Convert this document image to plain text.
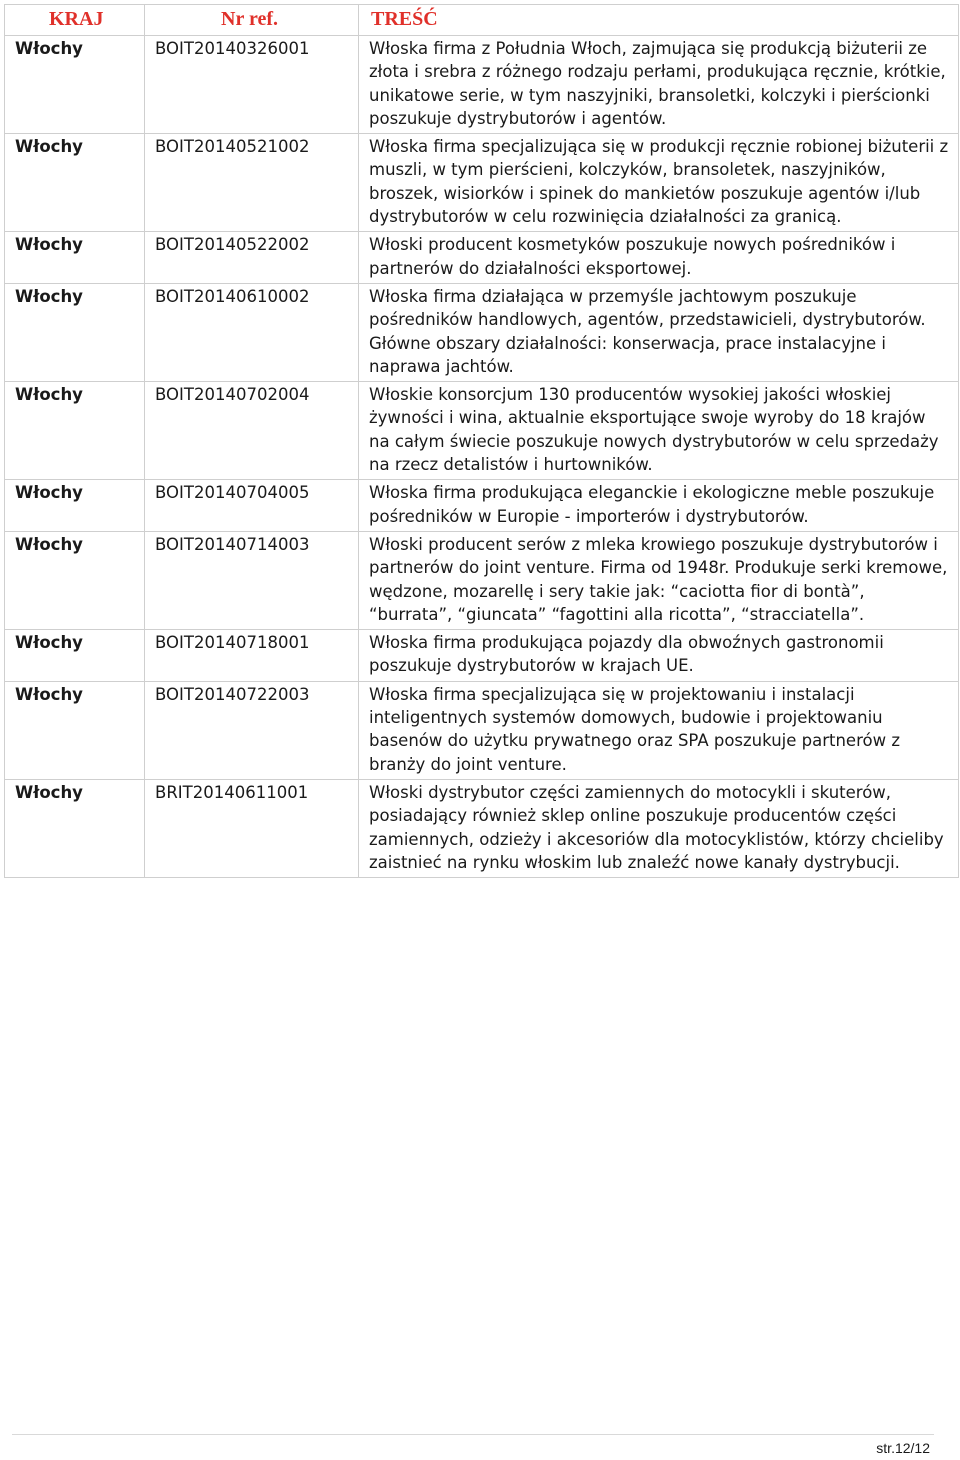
KRAJ	Nr ref.	TREŚĆ
Włochy	BOIT20140326001	Włoska firma z Południa Włoch, zajmująca się produkcją biżuterii ze złota i srebra z różnego rodzaju perłami, produkująca ręcznie, krótkie, unikatowe serie, w tym naszyjniki, bransoletki, kolczyki i pierścionki poszukuje dystrybutorów i agentów.
Włochy	BOIT20140521002	Włoska firma specjalizująca się w produkcji ręcznie robionej biżuterii z muszli, w tym pierścieni, kolczyków, bransoletek, naszyjników, broszek, wisiorków i spinek do mankietów poszukuje agentów i/lub dystrybutorów w celu rozwinięcia działalności za granicą.
Włochy	BOIT20140522002	Włoski producent kosmetyków poszukuje nowych pośredników i partnerów do działalności eksportowej.
Włochy	BOIT20140610002	Włoska firma działająca w przemyśle jachtowym poszukuje pośredników handlowych, agentów, przedstawicieli, dystrybutorów. Główne obszary działalności: konserwacja, prace instalacyjne i naprawa jachtów.
Włochy	BOIT20140702004	Włoskie konsorcjum 130 producentów wysokiej jakości włoskiej żywności i wina, aktualnie eksportujące swoje wyroby do 18 krajów na całym świecie poszukuje nowych dystrybutorów w celu sprzedaży na rzecz detalistów i hurtowników.
Włochy	BOIT20140704005	Włoska firma produkująca eleganckie i ekologiczne meble poszukuje pośredników w Europie - importerów i dystrybutorów.
Włochy	BOIT20140714003	Włoski producent serów z mleka krowiego poszukuje dystrybutorów i partnerów do joint venture. Firma od 1948r. Produkuje serki kremowe, wędzone, mozarellę i sery takie jak: “caciotta fior di bontà”, “burrata”, “giuncata” “fagottini alla ricotta”, “stracciatella”.
Włochy	BOIT20140718001	Włoska firma produkująca pojazdy dla obwoźnych gastronomii poszukuje dystrybutorów w krajach UE.
Włochy	BOIT20140722003	Włoska firma specjalizująca się w projektowaniu i instalacji inteligentnych systemów domowych, budowie i projektowaniu basenów do użytku prywatnego oraz SPA poszukuje partnerów z branży do joint venture.
Włochy	BRIT20140611001	Włoski dystrybutor części zamiennych do motocykli i skuterów, posiadający również sklep online poszukuje producentów części zamiennych, odzieży i akcesoriów dla motocyklistów, którzy chcieliby zaistnieć na rynku włoskim lub znaleźć nowe kanały dystrybucji.
str.12/12
